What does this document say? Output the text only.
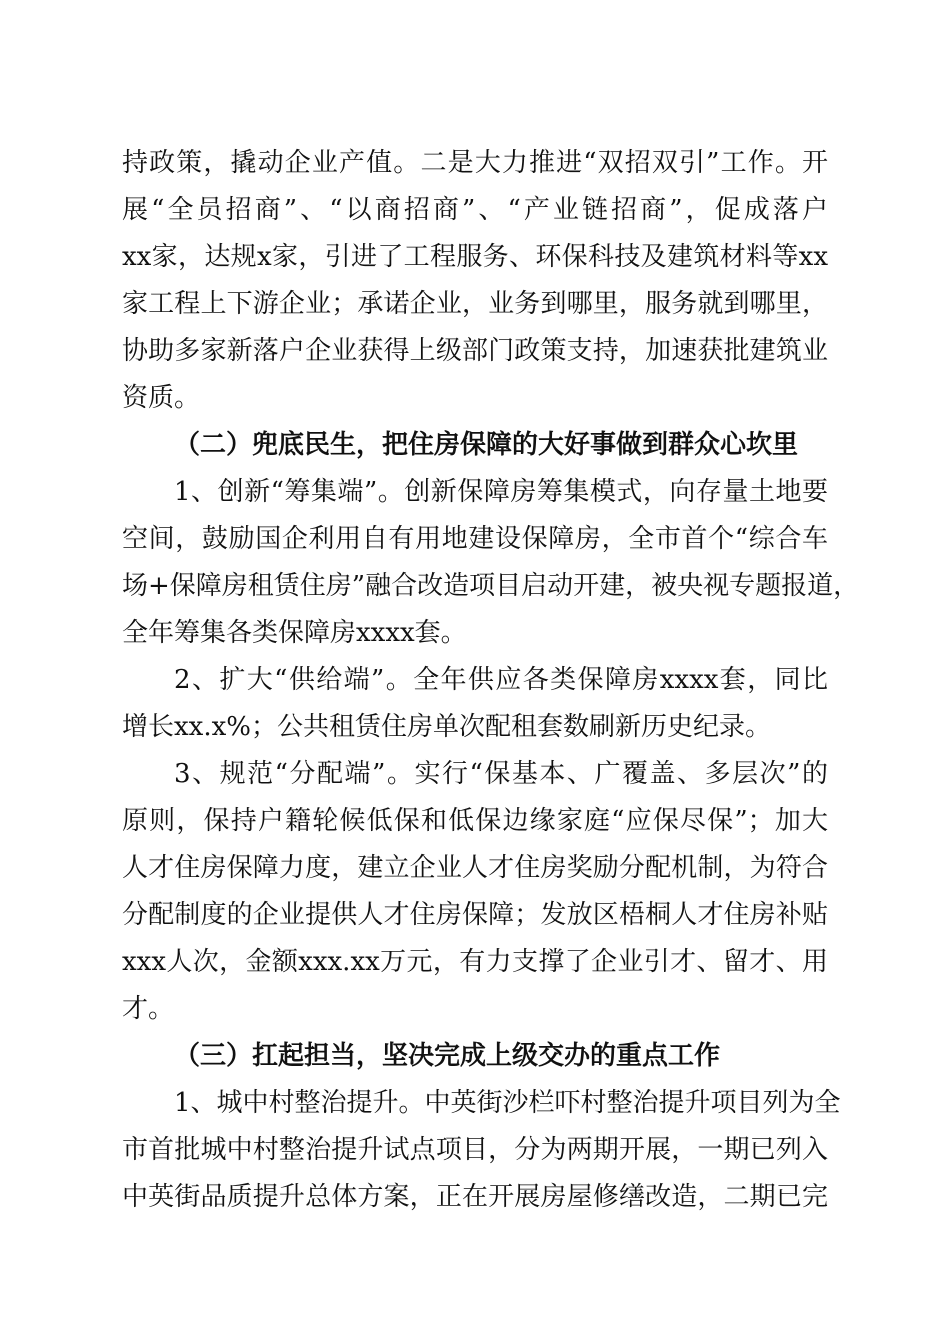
持政策，撬动企业产值。二是大力推进“双招双引”工作。开
展“全员招商”、“以商招商”、“产业链招商”，促成落户
xx家，达规x家，引进了工程服务、环保科技及建筑材料等xx
家工程上下游企业；承诺企业，业务到哪里，服务就到哪里，
协助多家新落户企业获得上级部门政策支持，加速获批建筑业
资质。
（二）兜底民生，把住房保障的大好事做到群众心坎里
1、创新“筹集端”。创新保障房筹集模式，向存量土地要
空间，鼓励国企利用自有用地建设保障房，全市首个“综合车
场+保障房租赁住房”融合改造项目启动开建，被央视专题报道，
全年筹集各类保障房xxxx套。
2、扩大“供给端”。全年供应各类保障房xxxx套，同比
增长xx.x%；公共租赁住房单次配租套数刷新历史纪录。
3、规范“分配端”。实行“保基本、广覆盖、多层次”的
原则，保持户籍轮候低保和低保边缘家庭“应保尽保”；加大
人才住房保障力度，建立企业人才住房奖励分配机制，为符合
分配制度的企业提供人才住房保障；发放区梧桐人才住房补贴
xxx人次，金额xxx.xx万元，有力支撑了企业引才、留才、用
才。
（三）扛起担当，坚决完成上级交办的重点工作
1、城中村整治提升。中英街沙栏吓村整治提升项目列为全
市首批城中村整治提升试点项目，分为两期开展，一期已列入
中英街品质提升总体方案，正在开展房屋修缮改造，二期已完
